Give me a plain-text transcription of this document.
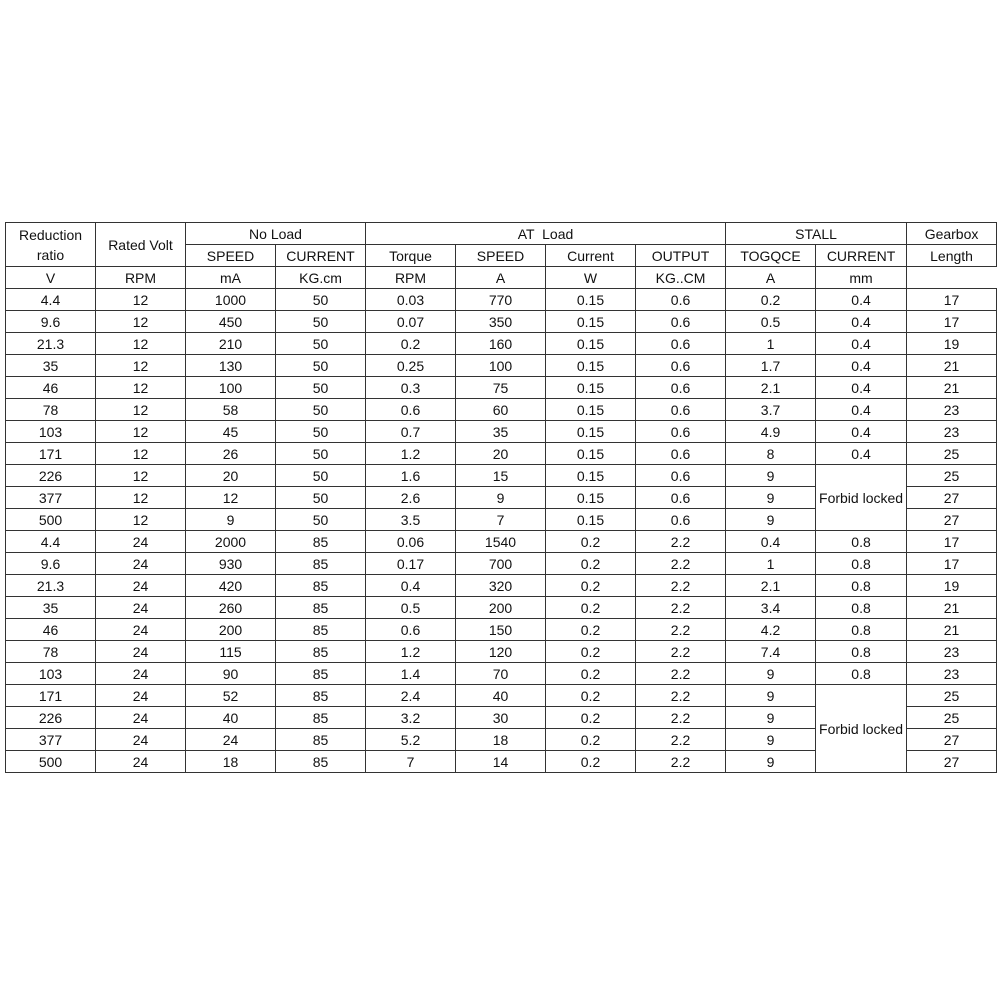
Reduction ratio	Rated Volt	No Load		AT  Load				STALL		Gearbox
		SPEED	CURRENT	Torque	SPEED	Current	OUTPUT	TOGQCE	CURRENT	Length
V	RPM	mA	KG.cm	RPM	A	W	KG..CM	A	mm	
4.4	12	1000	50	0.03	770	0.15	0.6	0.2	0.4	17
9.6	12	450	50	0.07	350	0.15	0.6	0.5	0.4	17
21.3	12	210	50	0.2	160	0.15	0.6	1	0.4	19
35	12	130	50	0.25	100	0.15	0.6	1.7	0.4	21
46	12	100	50	0.3	75	0.15	0.6	2.1	0.4	21
78	12	58	50	0.6	60	0.15	0.6	3.7	0.4	23
103	12	45	50	0.7	35	0.15	0.6	4.9	0.4	23
171	12	26	50	1.2	20	0.15	0.6	8	0.4	25
226	12	20	50	1.6	15	0.15	0.6	9	Forbid locked	25
377	12	12	50	2.6	9	0.15	0.6	9		27
500	12	9	50	3.5	7	0.15	0.6	9		27
4.4	24	2000	85	0.06	1540	0.2	2.2	0.4	0.8	17
9.6	24	930	85	0.17	700	0.2	2.2	1	0.8	17
21.3	24	420	85	0.4	320	0.2	2.2	2.1	0.8	19
35	24	260	85	0.5	200	0.2	2.2	3.4	0.8	21
46	24	200	85	0.6	150	0.2	2.2	4.2	0.8	21
78	24	115	85	1.2	120	0.2	2.2	7.4	0.8	23
103	24	90	85	1.4	70	0.2	2.2	9	0.8	23
171	24	52	85	2.4	40	0.2	2.2	9	Forbid locked	25
226	24	40	85	3.2	30	0.2	2.2	9		25
377	24	24	85	5.2	18	0.2	2.2	9		27
500	24	18	85	7	14	0.2	2.2	9		27
